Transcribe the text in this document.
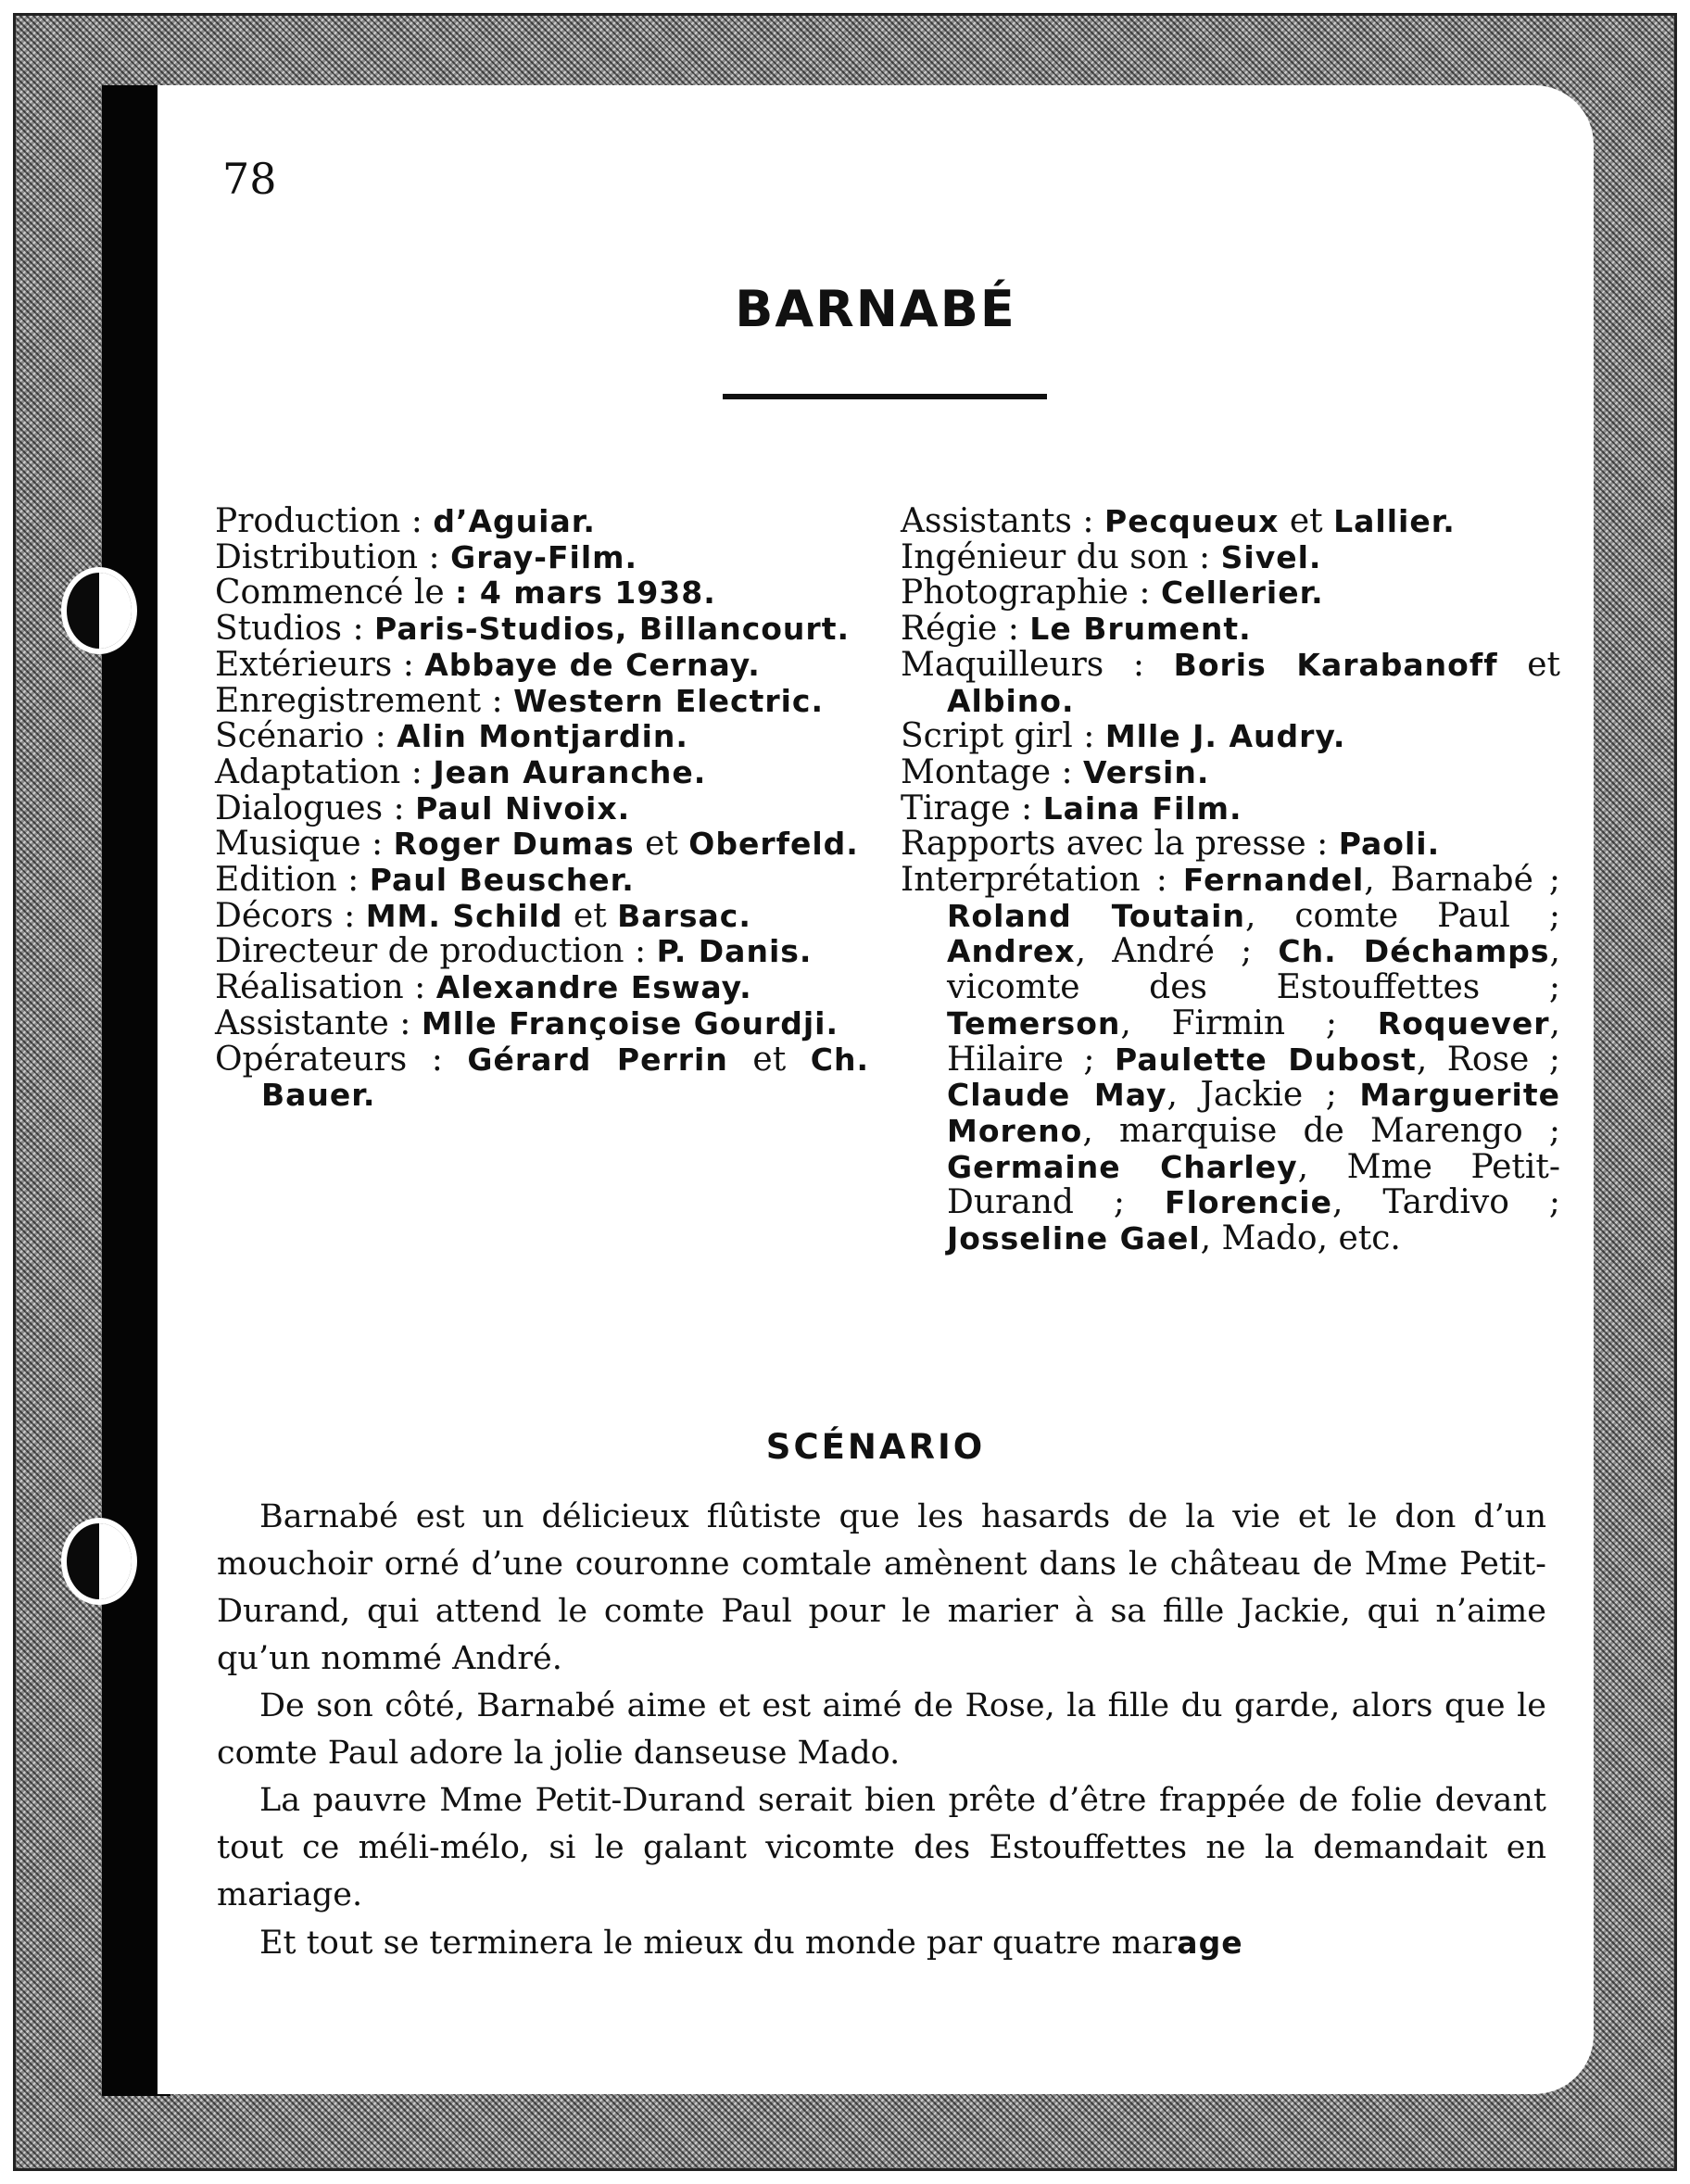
78
BARNABÉ
Production : d’Aguiar.
Distribution : Gray-Film.
Commencé le : 4 mars 1938.
Studios : Paris-Studios, Billancourt.
Extérieurs : Abbaye de Cernay.
Enregistrement : Western Electric.
Scénario : Alin Montjardin.
Adaptation : Jean Auranche.
Dialogues : Paul Nivoix.
Musique : Roger Dumas et Oberfeld.
Edition : Paul Beuscher.
Décors : MM. Schild et Barsac.
Directeur de production : P. Danis.
Réalisation : Alexandre Esway.
Assistante : Mlle Françoise Gourdji.
Opérateurs : Gérard Perrin et Ch. Bauer.
Assistants : Pecqueux et Lallier.
Ingénieur du son : Sivel.
Photographie : Cellerier.
Régie : Le Brument.
Maquilleurs : Boris Karabanoff et Albino.
Script girl : Mlle J. Audry.
Montage : Versin.
Tirage : Laina Film.
Rapports avec la presse : Paoli.
Interprétation : Fernandel, Barnabé ; Roland Toutain, comte Paul ; Andrex, André ; Ch. Déchamps, vicomte des Estouffettes ; Temerson, Firmin ; Roquever, Hilaire ; Paulette Dubost, Rose ; Claude May, Jackie ; Marguerite Moreno, marquise de Marengo ; Germaine Charley, Mme Petit-Durand ; Florencie, Tardivo ; Josseline Gael, Mado, etc.
SCÉNARIO

Barnabé est un délicieux flûtiste que les hasards de la vie et le don d’un mouchoir orné d’une couronne comtale amènent dans le château de Mme Petit-Durand, qui attend le comte Paul pour le marier à sa fille Jackie, qui n’aime qu’un nommé André.

De son côté, Barnabé aime et est aimé de Rose, la fille du garde, alors que le comte Paul adore la jolie danseuse Mado.

La pauvre Mme Petit-Durand serait bien prête d’être frappée de folie devant tout ce méli-mélo, si le galant vicomte des Estouffettes ne la demandait en mariage.

Et tout se terminera le mieux du monde par quatre marage
